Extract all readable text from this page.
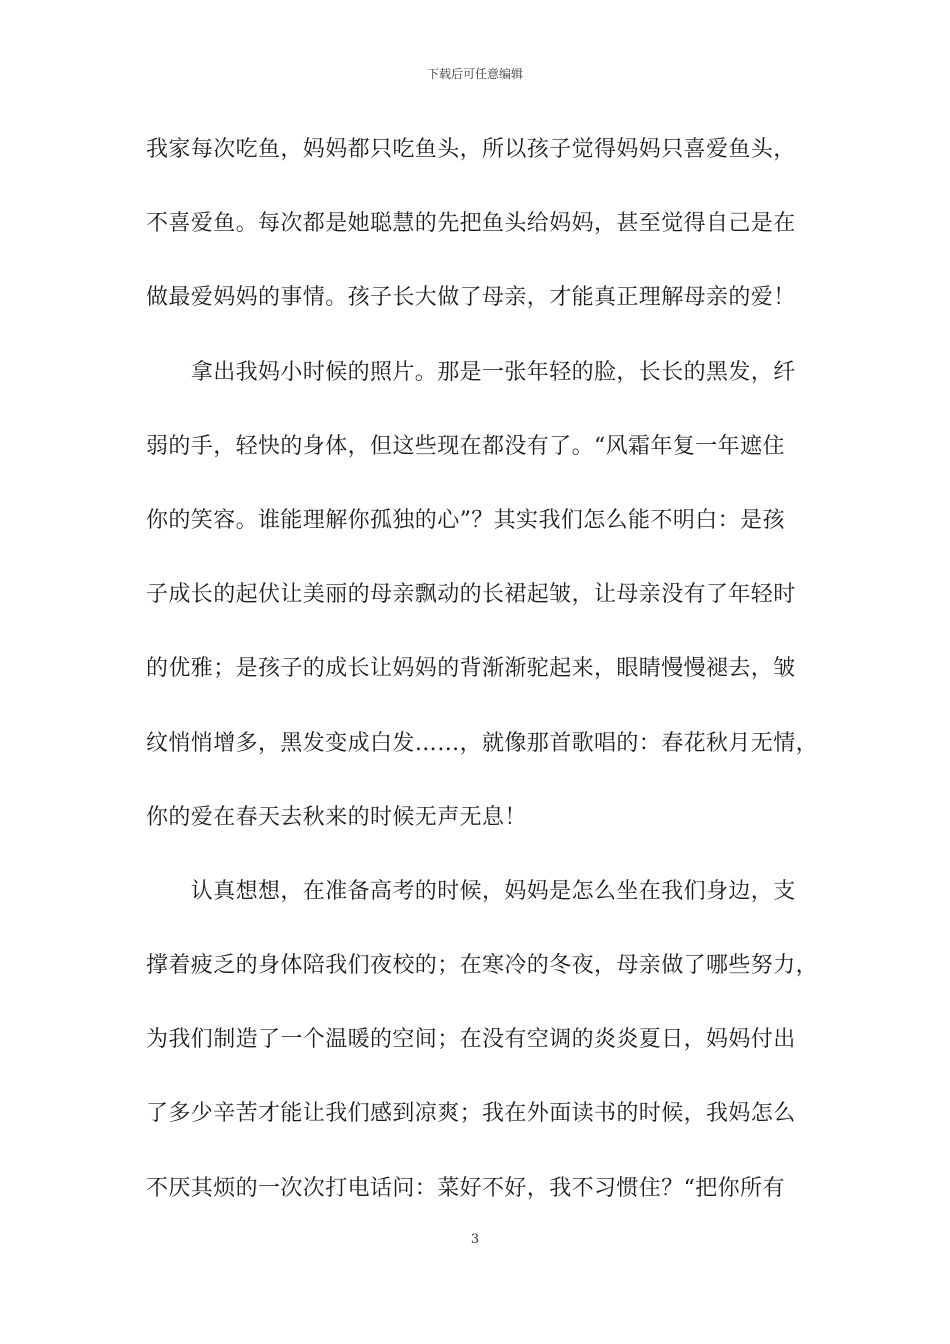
下载后可任意编辑
我家每次吃鱼，妈妈都只吃鱼头，所以孩子觉得妈妈只喜爱鱼头，
不喜爱鱼。每次都是她聪慧的先把鱼头给妈妈，甚至觉得自己是在
做最爱妈妈的事情。孩子长大做了母亲，才能真正理解母亲的爱！
　　拿出我妈小时候的照片。那是一张年轻的脸，长长的黑发，纤
弱的手，轻快的身体，但这些现在都没有了。“风霜年复一年遮住
你的笑容。谁能理解你孤独的心”？其实我们怎么能不明白：是孩
子成长的起伏让美丽的母亲飘动的长裙起皱，让母亲没有了年轻时
的优雅；是孩子的成长让妈妈的背渐渐驼起来，眼睛慢慢褪去，皱
纹悄悄增多，黑发变成白发……，就像那首歌唱的：春花秋月无情，
你的爱在春天去秋来的时候无声无息！
　　认真想想，在准备高考的时候，妈妈是怎么坐在我们身边，支
撑着疲乏的身体陪我们夜校的；在寒冷的冬夜，母亲做了哪些努力，
为我们制造了一个温暖的空间；在没有空调的炎炎夏日，妈妈付出
了多少辛苦才能让我们感到凉爽；我在外面读书的时候，我妈怎么
不厌其烦的一次次打电话问：菜好不好，我不习惯住？“把你所有
3
